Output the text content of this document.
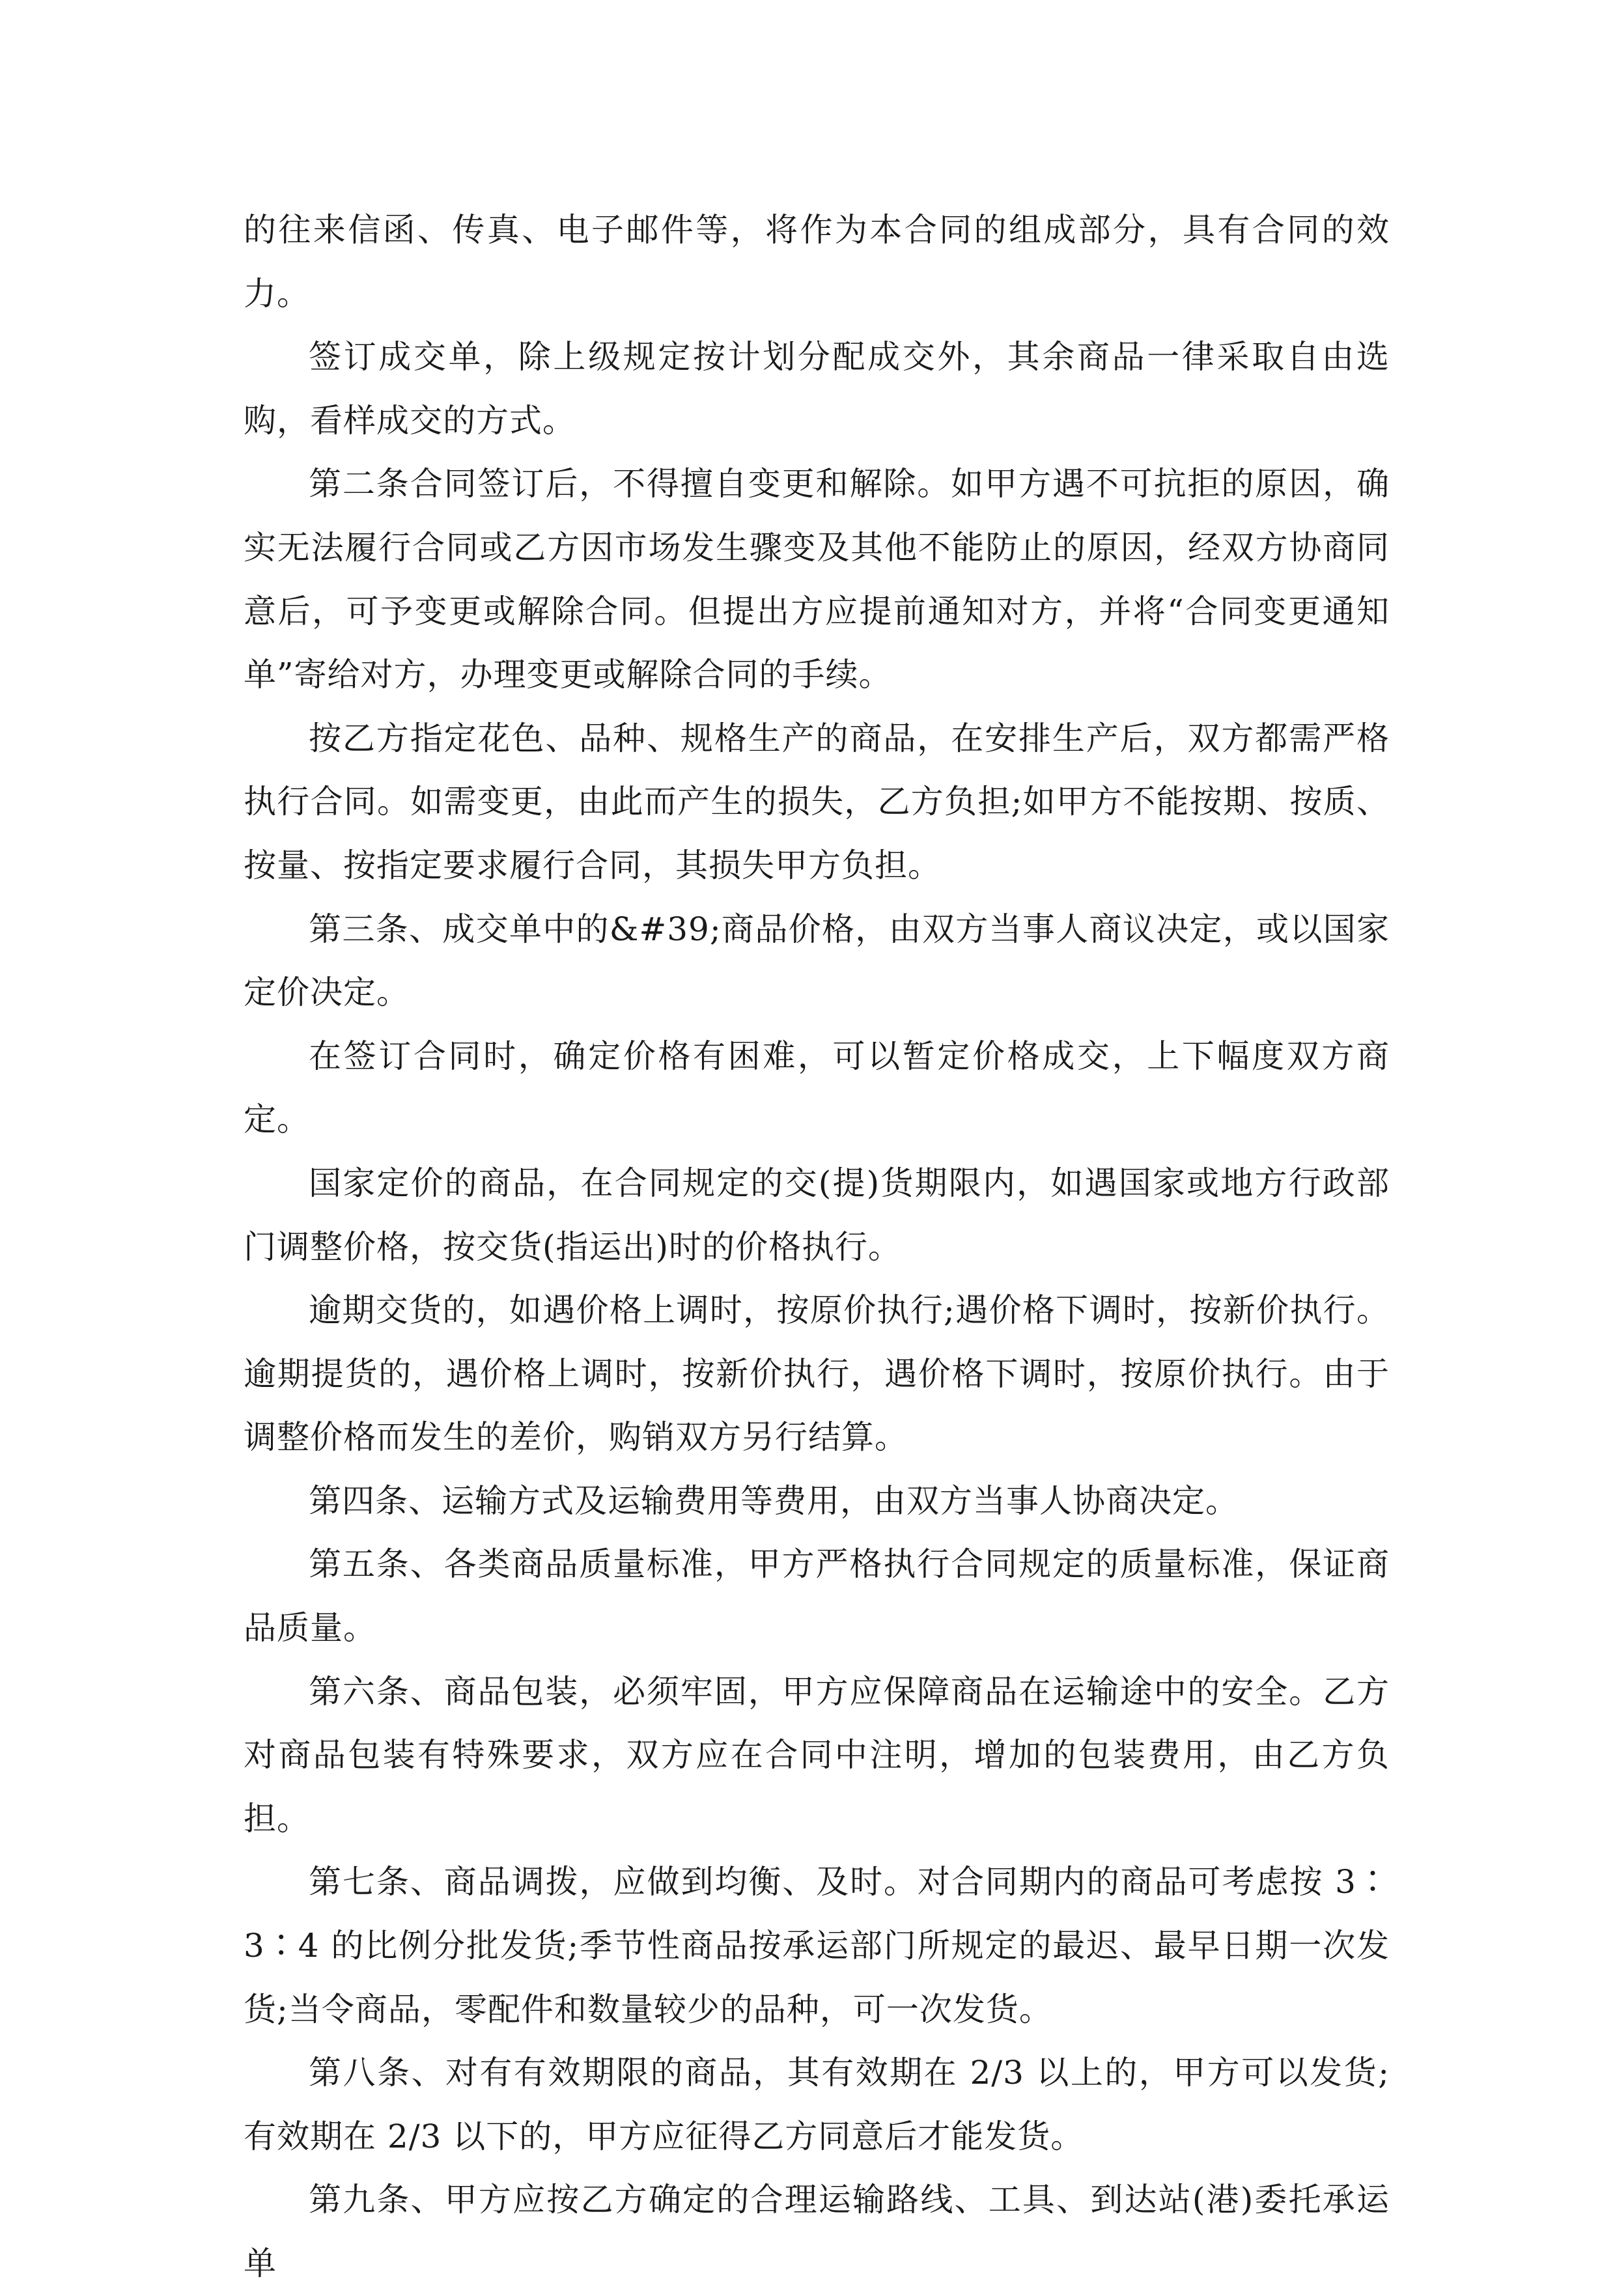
的往来信函、传真、电子邮件等，将作为本合同的组成部分，具有合同的效力。

签订成交单，除上级规定按计划分配成交外，其余商品一律采取自由选购，看样成交的方式。

第二条合同签订后，不得擅自变更和解除。如甲方遇不可抗拒的原因，确实无法履行合同或乙方因市场发生骤变及其他不能防止的原因，经双方协商同意后，可予变更或解除合同。但提出方应提前通知对方，并将“合同变更通知单”寄给对方，办理变更或解除合同的手续。

按乙方指定花色、品种、规格生产的商品，在安排生产后，双方都需严格执行合同。如需变更，由此而产生的损失，乙方负担;如甲方不能按期、按质、按量、按指定要求履行合同，其损失甲方负担。

第三条、成交单中的&#39;商品价格，由双方当事人商议决定，或以国家定价决定。

在签订合同时，确定价格有困难，可以暂定价格成交，上下幅度双方商定。

国家定价的商品，在合同规定的交(提)货期限内，如遇国家或地方行政部门调整价格，按交货(指运出)时的价格执行。

逾期交货的，如遇价格上调时，按原价执行;遇价格下调时，按新价执行。逾期提货的，遇价格上调时，按新价执行，遇价格下调时，按原价执行。由于调整价格而发生的差价，购销双方另行结算。

第四条、运输方式及运输费用等费用，由双方当事人协商决定。

第五条、各类商品质量标准，甲方严格执行合同规定的质量标准，保证商品质量。

第六条、商品包装，必须牢固，甲方应保障商品在运输途中的安全。乙方对商品包装有特殊要求，双方应在合同中注明，增加的包装费用，由乙方负担。

第七条、商品调拨，应做到均衡、及时。对合同期内的商品可考虑按 3∶3∶4 的比例分批发货;季节性商品按承运部门所规定的最迟、最早日期一次发货;当令商品，零配件和数量较少的品种，可一次发货。

第八条、对有有效期限的商品，其有效期在 2/3 以上的，甲方可以发货;有效期在 2/3 以下的，甲方应征得乙方同意后才能发货。

第九条、甲方应按乙方确定的合理运输路线、工具、到达站(港)委托承运单
